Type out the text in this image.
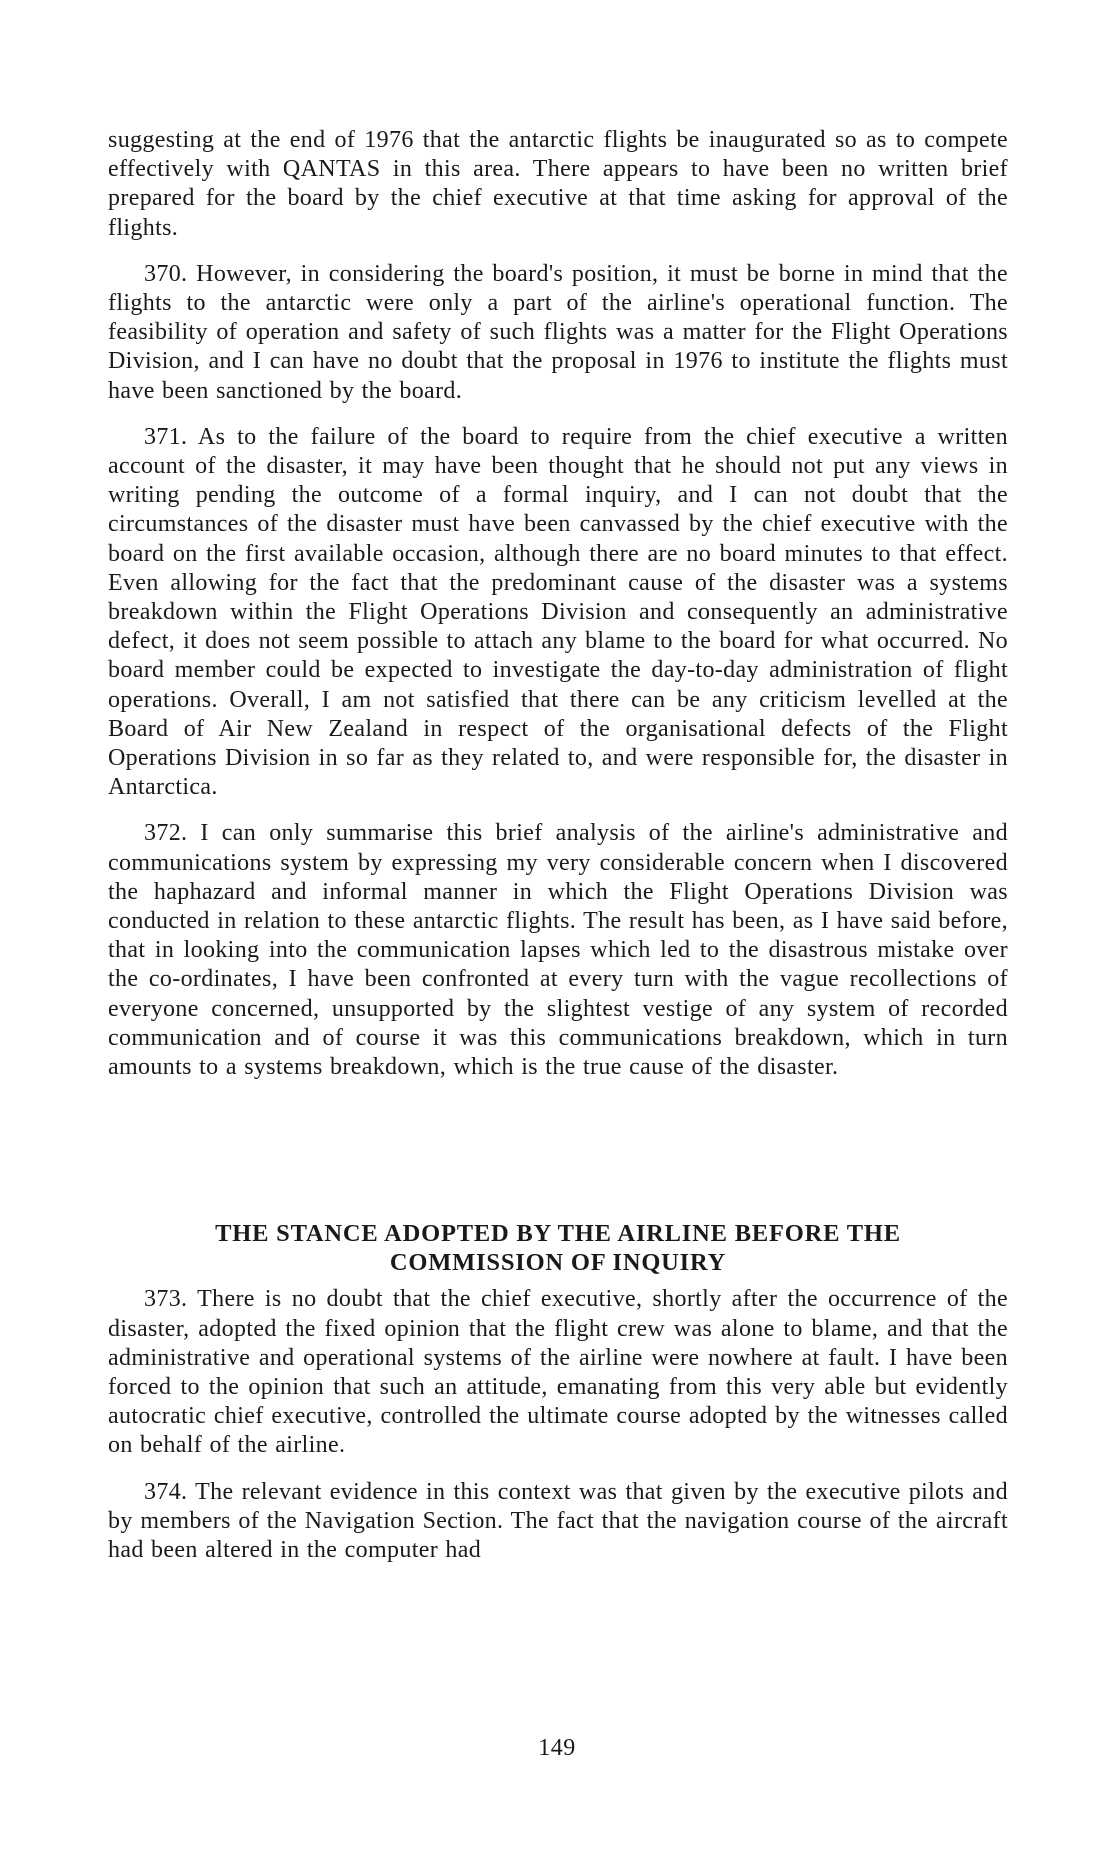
suggesting at the end of 1976 that the antarctic flights be inaugurated so as to compete effectively with QANTAS in this area. There appears to have been no written brief prepared for the board by the chief executive at that time asking for approval of the flights.

370. However, in considering the board's position, it must be borne in mind that the flights to the antarctic were only a part of the airline's operational function. The feasibility of operation and safety of such flights was a matter for the Flight Operations Division, and I can have no doubt that the proposal in 1976 to institute the flights must have been sanctioned by the board.

371. As to the failure of the board to require from the chief executive a written account of the disaster, it may have been thought that he should not put any views in writing pending the outcome of a formal inquiry, and I can not doubt that the circumstances of the disaster must have been canvassed by the chief executive with the board on the first available occasion, although there are no board minutes to that effect. Even allowing for the fact that the predominant cause of the disaster was a systems breakdown within the Flight Operations Division and consequently an administrative defect, it does not seem possible to attach any blame to the board for what occurred. No board member could be expected to investigate the day-to-day administration of flight operations. Overall, I am not satisfied that there can be any criticism levelled at the Board of Air New Zealand in respect of the organisational defects of the Flight Operations Division in so far as they related to, and were responsible for, the disaster in Antarctica.

372. I can only summarise this brief analysis of the airline's administrative and communications system by expressing my very considerable concern when I discovered the haphazard and informal manner in which the Flight Operations Division was conducted in relation to these antarctic flights. The result has been, as I have said before, that in looking into the communication lapses which led to the disastrous mistake over the co-ordinates, I have been confronted at every turn with the vague recollections of everyone concerned, unsupported by the slightest vestige of any system of recorded communication and of course it was this communications breakdown, which in turn amounts to a systems breakdown, which is the true cause of the disaster.

THE STANCE ADOPTED BY THE AIRLINE BEFORE THE
COMMISSION OF INQUIRY

373. There is no doubt that the chief executive, shortly after the occurrence of the disaster, adopted the fixed opinion that the flight crew was alone to blame, and that the administrative and operational systems of the airline were nowhere at fault. I have been forced to the opinion that such an attitude, emanating from this very able but evidently autocratic chief executive, controlled the ultimate course adopted by the witnesses called on behalf of the airline.

374. The relevant evidence in this context was that given by the executive pilots and by members of the Navigation Section. The fact that the navigation course of the aircraft had been altered in the computer had

149
